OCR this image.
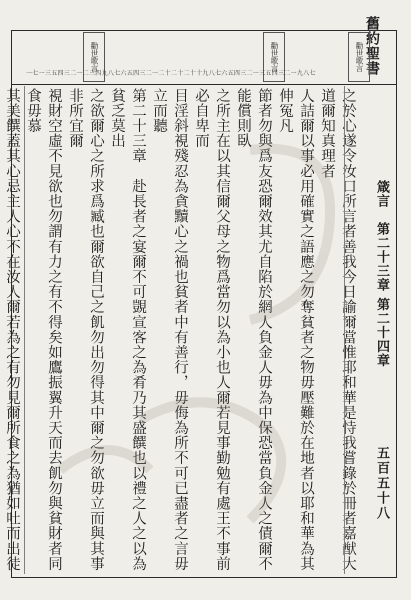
舊約聖書
箴言　第二十三章 第二十四章
五百五十八
勸世歌言
勸世歌言
勸世歌言
一七一三五四三二一二三四九八七六五四三二一二十二十二十十九八七六五四三二一三五四三二一九八七
之於心遂令汝口所言者善我今日諭爾當惟耶和華是恃我嘗錄於冊者嘉猷大道爾知真理者
人詰爾以事必用確實之語應之勿奪貧者之物毋壓難於在地者以耶和華為其伸冤凡
節者勿與爲友恐爾效其尤自陷於網人負金人毋為中保恐當負金人之債爾不能償則臥
之所主在以其信爾父母之物爲當勿以為小也人爾若見事勤勉有處王不事前必自卑而
目淫斜視殘忍為貪黷心之禍也貧者中有善行，毋侮為所不可已盡者之言毋立而聽
第二十三章　赴長者之宴爾不可覬宣客之為肴乃其盛饌也以禮之人之以為貧乏莫出
之欲爾心之所求爲臧也爾欲自己之飢勿出勿得其中爾之勿欲毋立而與其事非所宜爾
視財空虛不見欲也勿謂有力之有不得矣如鷹振翼升天而去飢勿與貧財者同食毋慕
其美饌蓋其心忌主人心不在汝人爾若為之有勿見爾所食之為猶如吐而出徒
